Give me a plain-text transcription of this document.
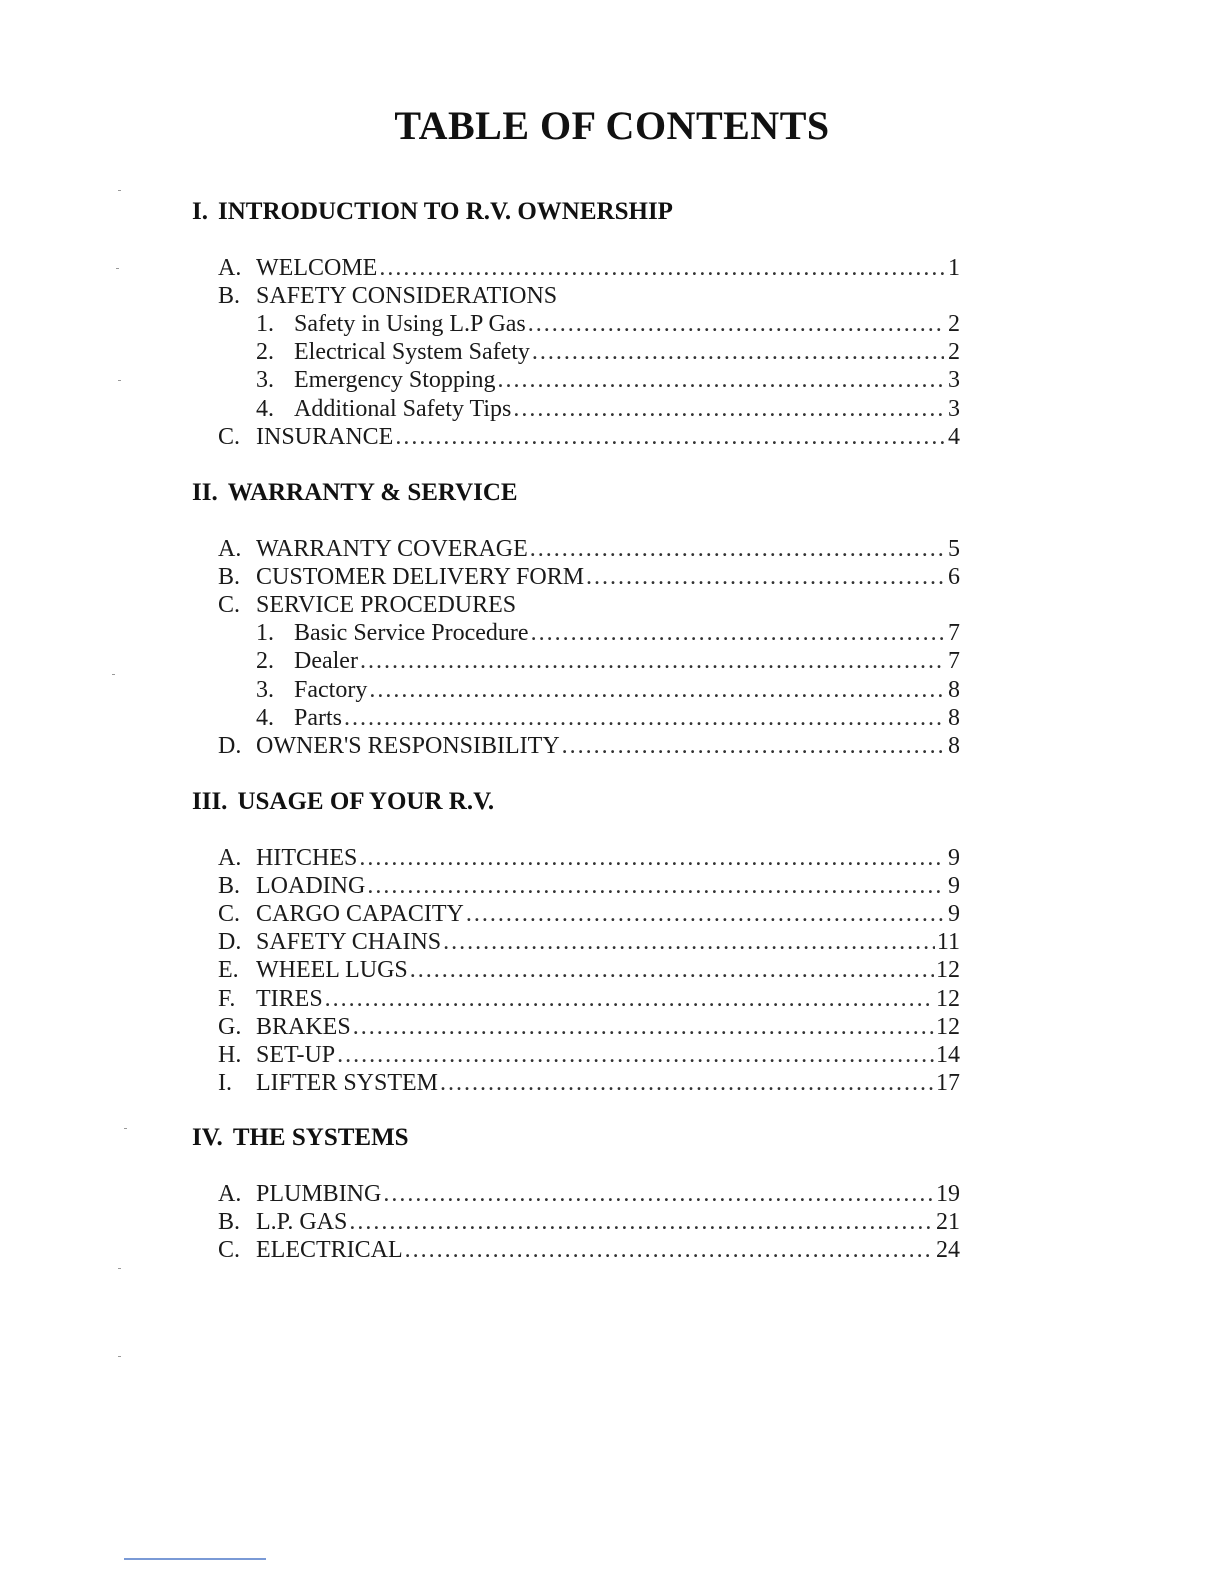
TABLE OF CONTENTS
I. INTRODUCTION TO R.V. OWNERSHIP
A. WELCOME .....	1
B. SAFETY CONSIDERATIONS
1. Safety in Using L.P Gas .....	2
2. Electrical System Safety .....	2
3. Emergency Stopping .....	3
4. Additional Safety Tips .....	3
C. INSURANCE .....	4
II. WARRANTY & SERVICE
A. WARRANTY COVERAGE .....	5
B. CUSTOMER DELIVERY FORM .....	6
C. SERVICE PROCEDURES
1. Basic Service Procedure .....	7
2. Dealer .....	7
3. Factory .....	8
4. Parts .....	8
D. OWNER'S RESPONSIBILITY .....	8
III. USAGE OF YOUR R.V.
A. HITCHES .....	9
B. LOADING .....	9
C. CARGO CAPACITY .....	9
D. SAFETY CHAINS .....	11
E. WHEEL LUGS .....	12
F. TIRES .....	12
G. BRAKES .....	12
H. SET-UP .....	14
I.	LIFTER SYSTEM .....	17
IV. THE SYSTEMS
A. PLUMBING .....	19
B. L.P. GAS .....	21
C. ELECTRICAL .....	24
